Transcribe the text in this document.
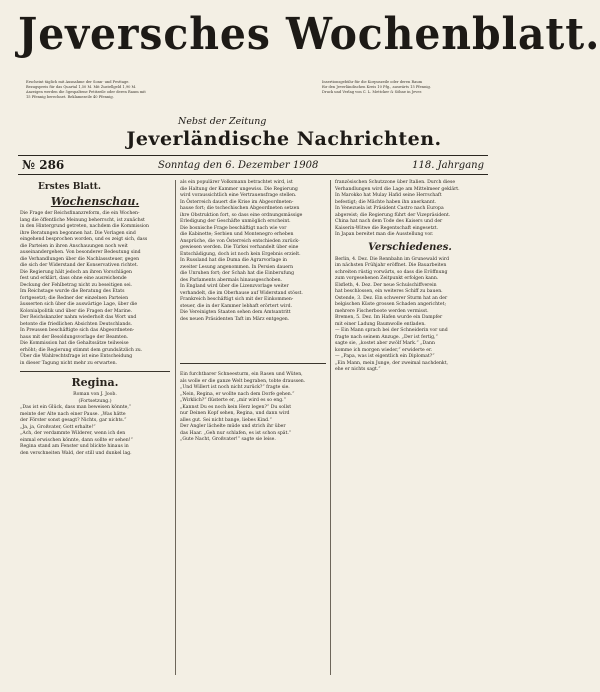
Jeversches Wochenblatt.
Erscheint täglich mit Ausnahme der Sonn- und Festtage.
Bezugspreis für das Quartal 1,50 M. Mit Zustellgeld 1,90 M.
Anzeigen werden die 5gespaltene Petitzeile oder deren Raum mit
15 Pfennig berechnet. Reklamezeile 40 Pfennig.
Insertionsgebühr für die Korpuszeile oder deren Raum
für den Jeverländischen Kreis 10 Pfg., auswärts 15 Pfennig.
Druck und Verlag von C. L. Mettcker & Söhne in Jever.
Nebst der Zeitung
Jeverländische Nachrichten.
№ 286	Sonntag den 6. Dezember 1908	118. Jahrgang
Erstes Blatt.
Wochenschau.
Die Frage der Reichsfinanzreform, die ein Wochen-
lang die öffentliche Meinung beherrscht, ist zunächst
in den Hintergrund getreten, nachdem die Kommission
ihre Beratungen begonnen hat. Die Vorlagen sind
eingehend besprochen worden, und es zeigt sich, dass
die Parteien in ihren Anschauungen noch weit
auseinandergehen. Von besonderer Bedeutung sind
die Verhandlungen über die Nachlasssteuer, gegen
die sich der Widerstand der Konservativen richtet.
Die Regierung hält jedoch an ihren Vorschlägen
fest und erklärt, dass ohne eine ausreichende
Deckung der Fehlbetrag nicht zu beseitigen sei.
Im Reichstage wurde die Beratung des Etats
fortgesetzt; die Redner der einzelnen Parteien
äusserten sich über die auswärtige Lage, über die
Kolonialpolitik und über die Fragen der Marine.
Der Reichskanzler nahm wiederholt das Wort und
betonte die friedlichen Absichten Deutschlands.
In Preussen beschäftigte sich das Abgeordneten-
haus mit der Besoldungsvorlage der Beamten.
Die Kommission hat die Gehaltssätze teilweise
erhöht; die Regierung stimmt dem grundsätzlich zu.
Über die Wahlrechtsfrage ist eine Entscheidung
in dieser Tagung nicht mehr zu erwarten.
Regina.
Roman von J. Joob.
(Fortsetzung.)
„Das ist ein Glück, dass man beweisen könnte,“
meinte der Alte nach einer Pause. „Was hätte
der Förster sonst gesagt? Nichts, gar nichts.“
„Ja, ja, Großvater, Gott erhalte!“
„Ach, der verdammte Wilderer, wenn ich den
einmal erwischen könnte, dann sollte er sehen!“
Regina stand am Fenster und blickte hinaus in
den verschneiten Wald, der still und dunkel lag.
als ein populärer Volksmann betrachtet wird, ist
die Haltung der Kammer ungewiss. Die Regierung
wird voraussichtlich eine Vertrauensfrage stellen.
In Österreich dauert die Krise im Abgeordneten-
hause fort; die tschechischen Abgeordneten setzen
ihre Obstruktion fort, so dass eine ordnungsmässige
Erledigung der Geschäfte unmöglich erscheint.
Die bosnische Frage beschäftigt nach wie vor
die Kabinette; Serbien und Montenegro erheben
Ansprüche, die von Österreich entschieden zurück-
gewiesen werden. Die Türkei verhandelt über eine
Entschädigung, doch ist noch kein Ergebnis erzielt.
In Russland hat die Duma die Agrarvorlage in
zweiter Lesung angenommen. In Persien dauern
die Unruhen fort; der Schah hat die Einberufung
des Parlaments abermals hinausgeschoben.
In England wird über die Lizenzvorlage weiter
verhandelt, die im Oberhause auf Widerstand stösst.
Frankreich beschäftigt sich mit der Einkommen-
steuer, die in der Kammer lebhaft erörtert wird.
Die Vereinigten Staaten sehen dem Amtsantritt
des neuen Präsidenten Taft im März entgegen.
Ein furchtbarer Schneesturm, ein Rasen und Wüten,
als wolle er die ganze Welt begraben, tobte draussen.
„Und Willert ist noch nicht zurück?“ fragte sie.
„Nein, Regina, er wollte nach dem Dorfe gehen.“
„Wirklich?“ flüsterte er, „mir wird es so eng.“
„Kannst Du es noch kein Herz legen?“ Du sollst
nur Deinen Kopf sehen, Regina, und dann wird
alles gut. Sei nicht bange, liebes Kind.“
Der Angler lächelte müde und strich ihr über
das Haar. „Geh nur schlafen, es ist schon spät.“
„Gute Nacht, Großvater!“ sagte sie leise.
französischen Schutzzone über Italien. Durch diese
Verhandlungen wird die Lage am Mittelmeer geklärt.
In Marokko hat Mulay Hafid seine Herrschaft
befestigt; die Mächte haben ihn anerkannt.
In Venezuela ist Präsident Castro nach Europa
abgereist; die Regierung führt der Vizepräsident.
China hat nach dem Tode des Kaisers und der
Kaiserin-Witwe die Regentschaft eingesetzt.
In Japan bereitet man die Ausstellung vor.
Verschiedenes.
Berlin, 4. Dez. Die Rennbahn im Grunewald wird
im nächsten Frühjahr eröffnet. Die Bauarbeiten
schreiten rüstig vorwärts, so dass die Eröffnung
zum vorgesehenen Zeitpunkt erfolgen kann.
Elsfleth, 4. Dez. Der neue Schulschiffverein
hat beschlossen, ein weiteres Schiff zu bauen.
Ostende, 3. Dez. Ein schwerer Sturm hat an der
belgischen Küste grossen Schaden angerichtet;
mehrere Fischerboote werden vermisst.
Bremen, 5. Dez. Im Hafen wurde ein Dampfer
mit einer Ladung Baumwolle entladen.
— Ein Mann sprach bei der Schneiderin vor und
fragte nach seinem Anzuge. „Der ist fertig,“
sagte sie, „kostet aber zwölf Mark.“ „Dann
komme ich morgen wieder,“ erwiderte er.
— „Papa, was ist eigentlich ein Diplomat?“
„Ein Mann, mein Junge, der zweimal nachdenkt,
ehe er nichts sagt.“
